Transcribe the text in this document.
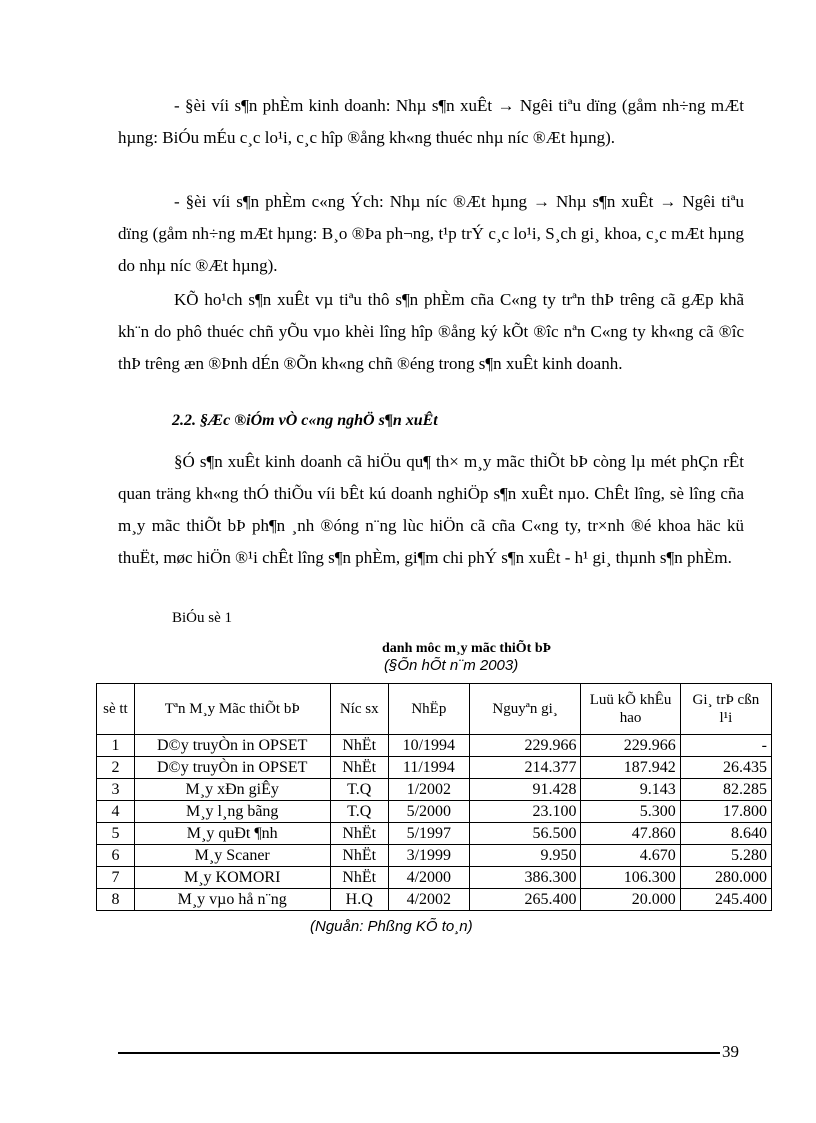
- §èi víi s¶n phÈm kinh doanh: Nhµ s¶n xuÊt → Ngêi tiªu dïng (gåm nh÷ng mÆt hµng: BiÓu mÉu c¸c lo¹i, c¸c hîp ®ång kh«ng thuéc nhµ níc ®Æt hµng).

- §èi víi s¶n phÈm c«ng Ých: Nhµ níc ®Æt hµng → Nhµ s¶n xuÊt → Ngêi tiªu dïng (gåm nh÷ng mÆt hµng: B¸o ®Þa ph¬ng, t¹p trÝ c¸c lo¹i, S¸ch gi¸ khoa, c¸c mÆt hµng do nhµ níc ®Æt hµng).

KÕ ho¹ch s¶n xuÊt vµ tiªu thô s¶n phÈm cña C«ng ty trªn thÞ trêng cã gÆp khã kh¨n do phô thuéc chñ yÕu vµo khèi lîng hîp ®ång ký kÕt ®îc nªn C«ng ty kh«ng cã ®îc thÞ trêng æn ®Þnh dÉn ®Õn kh«ng chñ ®éng trong s¶n xuÊt kinh doanh.

2.2. §Æc ®iÓm vÒ c«ng nghÖ s¶n xuÊt

§Ó s¶n xuÊt kinh doanh cã hiÖu qu¶ th× m¸y mãc thiÕt bÞ còng lµ mét phÇn rÊt quan träng kh«ng thÓ thiÕu víi bÊt kú doanh nghiÖp s¶n xuÊt nµo. ChÊt lîng, sè lîng cña m¸y mãc thiÕt bÞ ph¶n ¸nh ®óng n¨ng lùc hiÖn cã cña C«ng ty, tr×nh ®é khoa häc kü thuËt, møc hiÖn ®¹i chÊt lîng s¶n phÈm, gi¶m chi phÝ s¶n xuÊt - h¹ gi¸ thµnh s¶n phÈm.

BiÓu sè 1

danh môc m¸y mãc thiÕt bÞ

(§Õn hÕt n¨m 2003)

sè tt	Tªn M¸y Mãc thiÕt bÞ	Níc sx	NhËp	Nguyªn gi¸	Luü kÕ khÊu hao	Gi¸ trÞ cßn l¹i
1	D©y truyÒn in OPSET	NhËt	10/1994	229.966	229.966	-
2	D©y truyÒn in OPSET	NhËt	11/1994	214.377	187.942	26.435
3	M¸y xÐn giÊy	T.Q	1/2002	91.428	9.143	82.285
4	M¸y l¸ng bãng	T.Q	5/2000	23.100	5.300	17.800
5	M¸y quÐt ¶nh	NhËt	5/1997	56.500	47.860	8.640
6	M¸y Scaner	NhËt	3/1999	9.950	4.670	5.280
7	M¸y KOMORI	NhËt	4/2000	386.300	106.300	280.000
8	M¸y vµo hå n¨ng	H.Q	4/2002	265.400	20.000	245.400

(Nguån: Phßng KÕ to¸n)

39
